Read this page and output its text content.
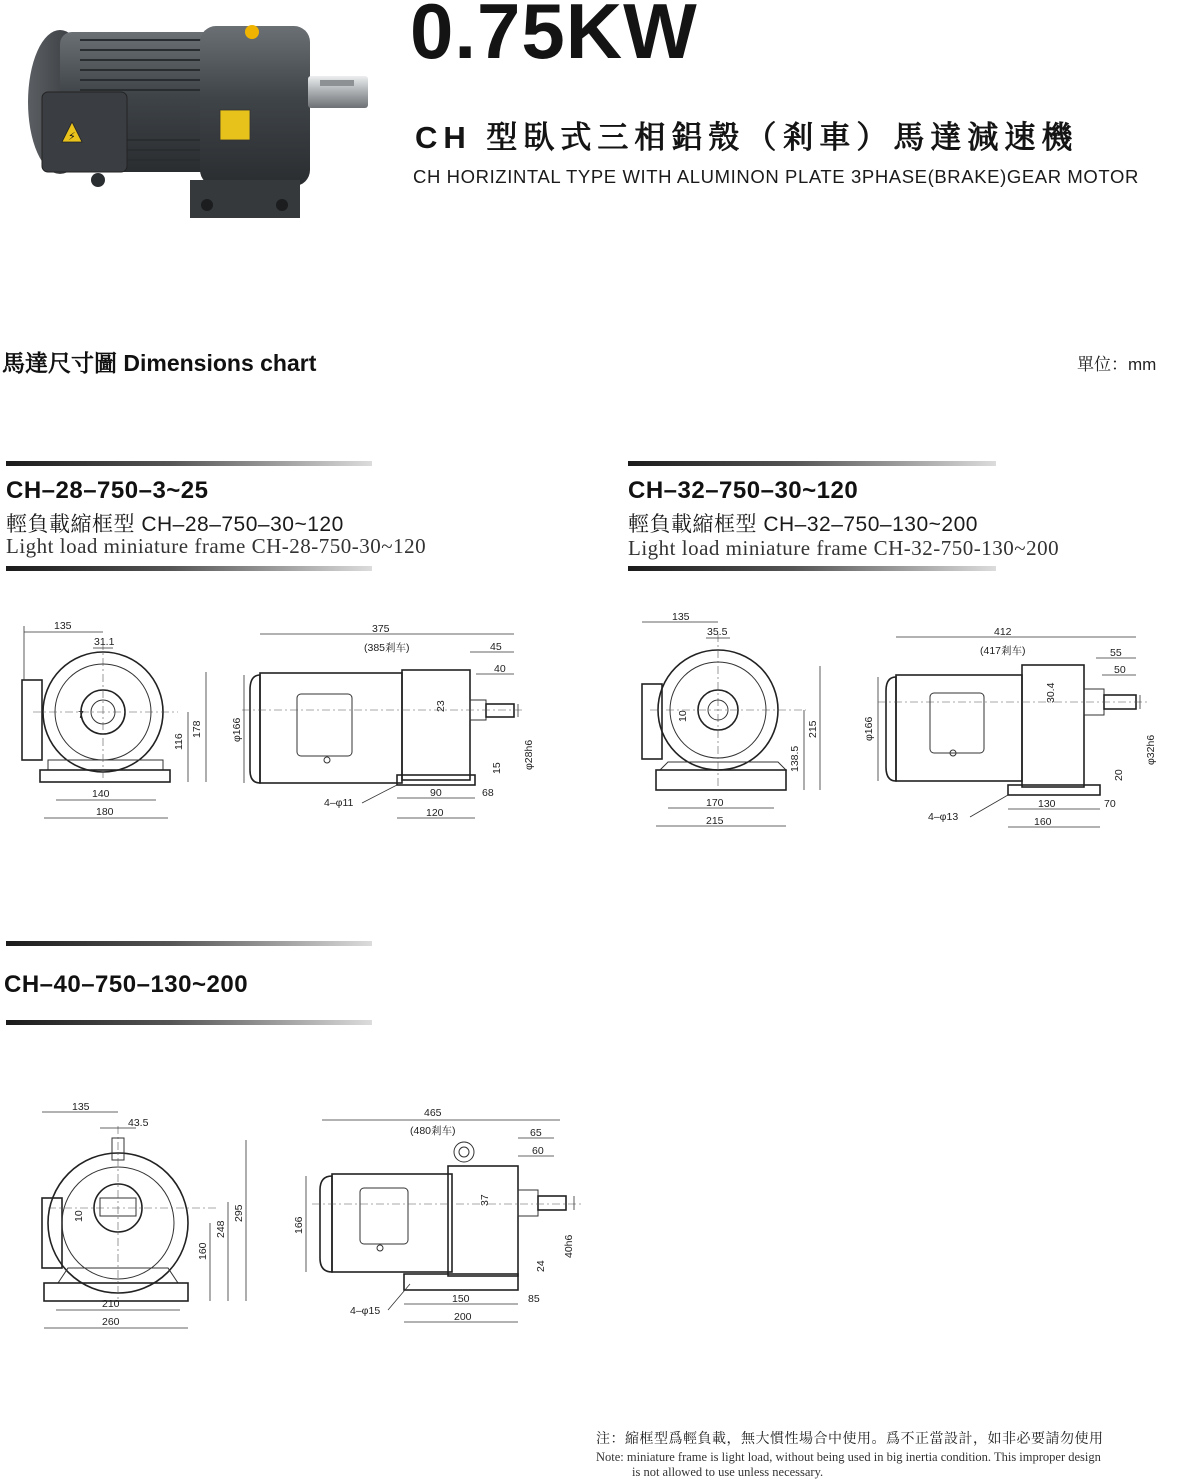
⚡
0.75KW
CH 型臥式三相鋁殼（剎車）馬達減速機
CH HORIZINTAL TYPE WITH ALUMINON PLATE 3PHASE(BRAKE)GEAR MOTOR
馬達尺寸圖 Dimensions chart	單位：mm
CH–28–750–3~25
輕負載縮框型 CH–28–750–30~120
Light load miniature frame CH-28-750-30~120
CH–32–750–30~120
輕負載縮框型 CH–32–750–130~200
Light load miniature frame CH-32-750-130~200
CH–40–750–130~200
135
31.1
7
116
178
140
180
375
(385剎车)	45
40
23
φ166
15 φ28h6
4–φ11
90	68
120
135
35.5
10
138.5
215
170
215
412
(417剎车)	55
50
30.4
φ166
20
φ32h6
4–φ13
130	70
160
135
43.5
10
160
248
295
210
260
465
(480剎车)	65
60
37
166
24
40h6
4–φ15
150	85
200
注：縮框型爲輕負載，無大慣性場合中使用。爲不正當設計，如非必要請勿使用
Note: miniature frame is light load, without being used in big inertia condition. This improper design
is not allowed to use unless necessary.
